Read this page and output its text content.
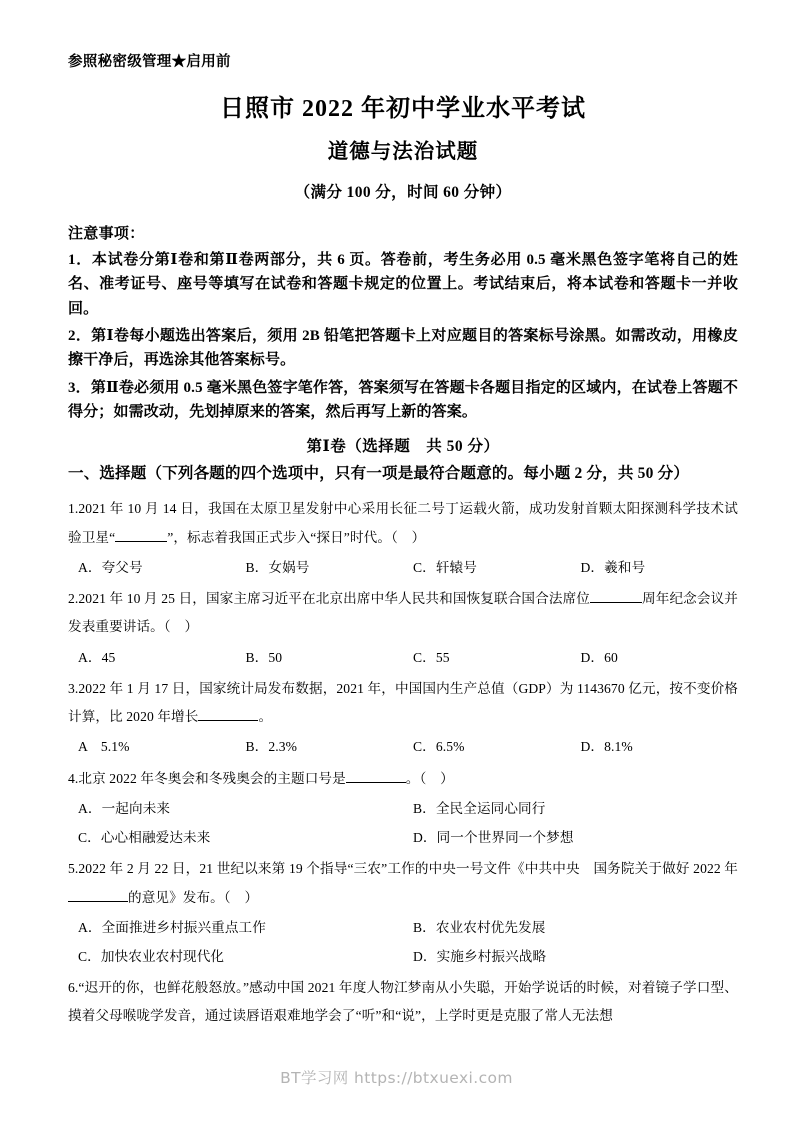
参照秘密级管理★启用前
日照市 2022 年初中学业水平考试
道德与法治试题
（满分 100 分，时间 60 分钟）
注意事项：

1．本试卷分第Ⅰ卷和第Ⅱ卷两部分，共 6 页。答卷前，考生务必用 0.5 毫米黑色签字笔将自己的姓名、准考证号、座号等填写在试卷和答题卡规定的位置上。考试结束后，将本试卷和答题卡一并收回。

2．第Ⅰ卷每小题选出答案后，须用 2B 铅笔把答题卡上对应题目的答案标号涂黑。如需改动，用橡皮擦干净后，再选涂其他答案标号。

3．第Ⅱ卷必须用 0.5 毫米黑色签字笔作答，答案须写在答题卡各题目指定的区域内，在试卷上答题不得分；如需改动，先划掉原来的答案，然后再写上新的答案。

第Ⅰ卷（选择题　共 50 分）
一、选择题（下列各题的四个选项中，只有一项是最符合题意的。每小题 2 分，共 50 分）

1.2021 年 10 月 14 日，我国在太原卫星发射中心采用长征二号丁运载火箭，成功发射首颗太阳探测科学技术试验卫星“	”，标志着我国正式步入“探日”时代。（　）

A．夸父号	B．女娲号	C．轩辕号	D．羲和号

2.2021 年 10 月 25 日，国家主席习近平在北京出席中华人民共和国恢复联合国合法席位	周年纪念会议并发表重要讲话。（　）

A．45	B．50	C．55	D．60

3.2022 年 1 月 17 日，国家统计局发布数据，2021 年，中国国内生产总值（GDP）为 1143670 亿元，按不变价格计算，比 2020 年增长	。

A　5.1%	B．2.3%	C．6.5%	D．8.1%

4.北京 2022 年冬奥会和冬残奥会的主题口号是	。（　）

A．一起向未来	B．全民全运同心同行
C．心心相融爱达未来	D．同一个世界同一个梦想

5.2022 年 2 月 22 日，21 世纪以来第 19 个指导“三农”工作的中央一号文件《中共中央　国务院关于做好 2022 年的意见》发布。（　）

A．全面推进乡村振兴重点工作	B．农业农村优先发展
C．加快农业农村现代化	D．实施乡村振兴战略

6.“迟开的你，也鲜花般怒放。”感动中国 2021 年度人物江梦南从小失聪，开始学说话的时候，对着镜子学口型、摸着父母喉咙学发音，通过读唇语艰难地学会了“听”和“说”，上学时更是克服了常人无法想

BT学习网 https://btxuexi.com
